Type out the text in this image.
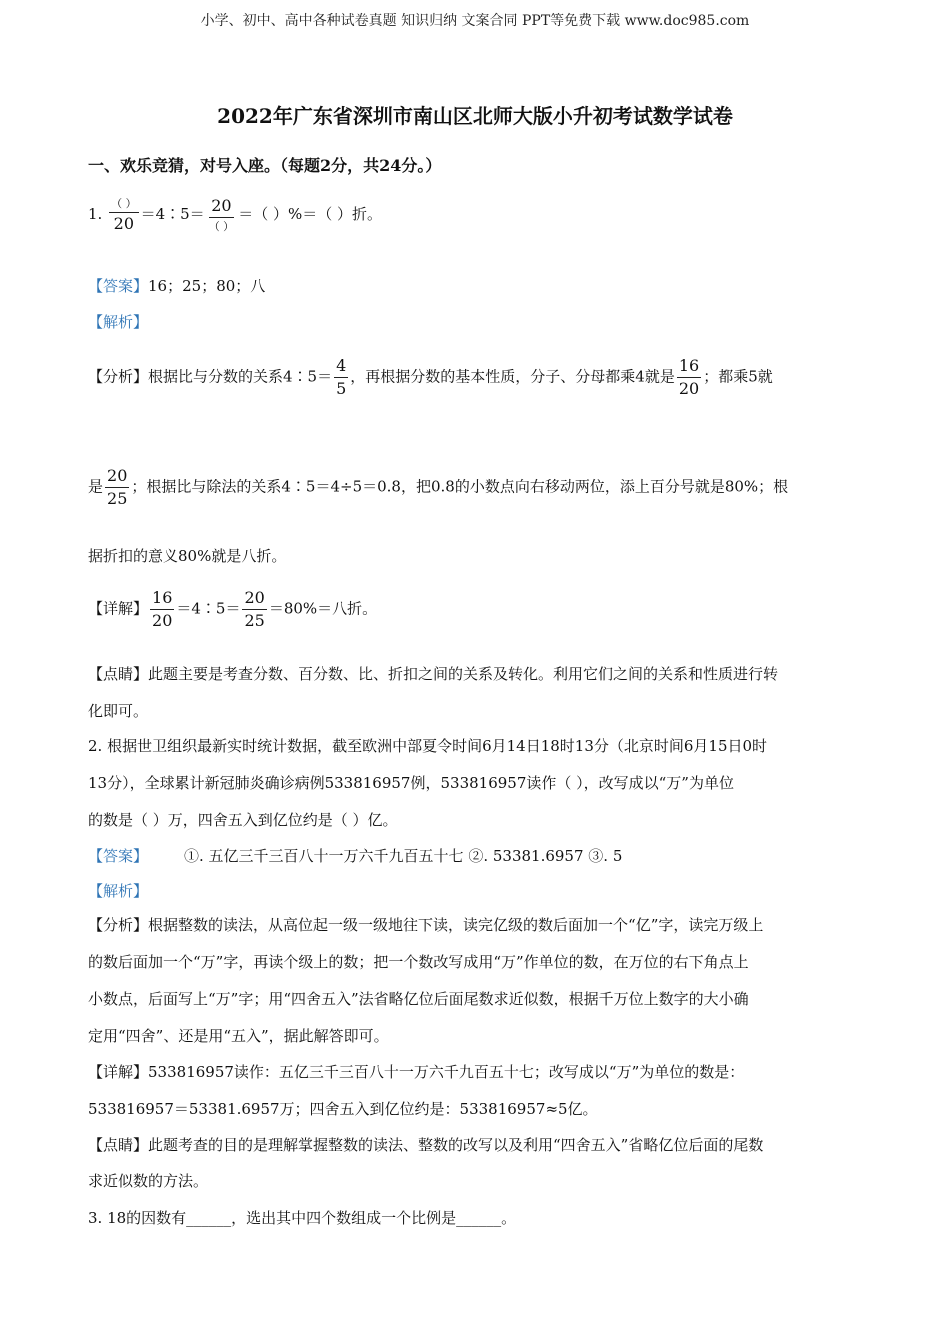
小学、初中、高中各种试卷真题 知识归纳 文案合同 PPT等免费下载 www.doc985.com
2022年广东省深圳市南山区北师大版小升初考试数学试卷
一、欢乐竞猜，对号入座。（每题2分，共24分。）
1. $\frac{( )}{20}$ ＝4∶5＝ $\frac{20}{( )}$ ＝（ ）%＝（ ）折。
【答案】16；25；80；八
【解析】
【分析】根据比与分数的关系4∶5＝ $\frac{4}{5}$ ，再根据分数的基本性质，分子、分母都乘4就是 $\frac{16}{20}$ ；都乘5就
是 $\frac{20}{25}$ ；根据比与除法的关系4∶5＝4÷5＝0.8，把0.8的小数点向右移动两位，添上百分号就是80%；根
据折扣的意义80%就是八折。
【详解】 $\frac{16}{20}$ ＝4∶5＝ $\frac{20}{25} =80\%=$八折。
【点睛】此题主要是考查分数、百分数、比、折扣之间的关系及转化。利用它们之间的关系和性质进行转
化即可。
2. 根据世卫组织最新实时统计数据，截至欧洲中部夏令时间6月14日18时13分（北京时间6月15日0时
13分），全球累计新冠肺炎确诊病例533816957例，533816957读作（ ），改写成以“万”为单位
的数是（ ）万，四舍五入到亿位约是（ ）亿。
【答案】 ①. 五亿三千三百八十一万六千九百五十七 ②. 53381.6957 ③. 5
【解析】
【分析】根据整数的读法，从高位起一级一级地往下读，读完亿级的数后面加一个“亿”字，读完万级上
的数后面加一个“万”字，再读个级上的数；把一个数改写成用“万”作单位的数，在万位的右下角点上
小数点，后面写上“万”字；用“四舍五入”法省略亿位后面尾数求近似数，根据千万位上数字的大小确
定用“四舍”、还是用“五入”，据此解答即可。
【详解】533816957读作：五亿三千三百八十一万六千九百五十七；改写成以“万”为单位的数是：
533816957＝53381.6957万；四舍五入到亿位约是：533816957≈5亿。
【点睛】此题考查的目的是理解掌握整数的读法、整数的改写以及利用“四舍五入”省略亿位后面的尾数
求近似数的方法。
3. 18的因数有______，选出其中四个数组成一个比例是______。
